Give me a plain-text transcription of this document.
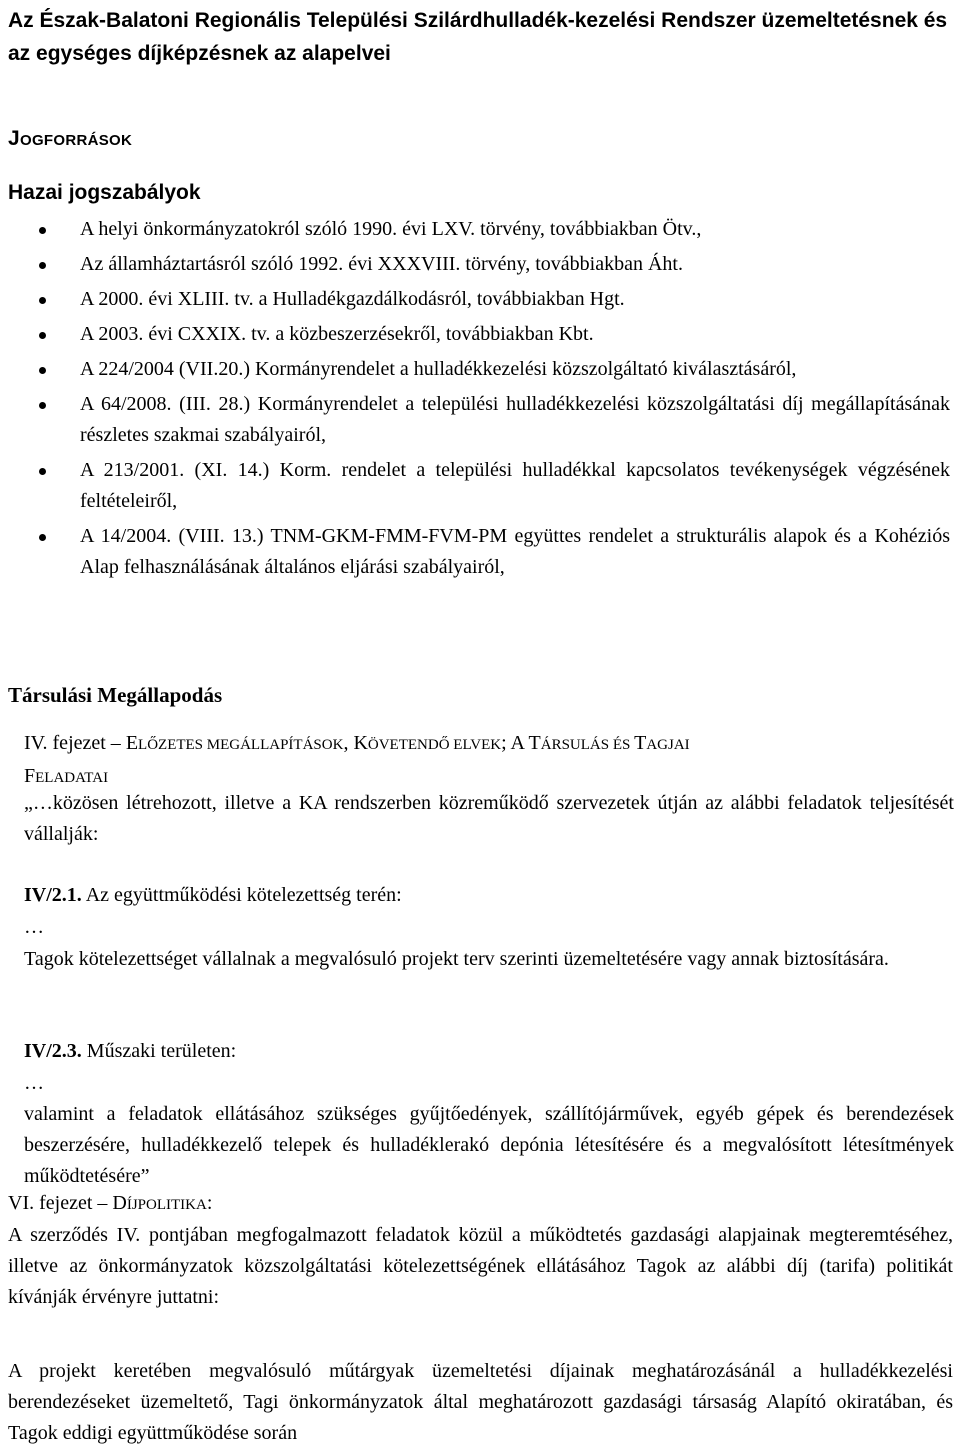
Az Észak-Balatoni Regionális Települési Szilárdhulladék-kezelési Rendszer üzemeltetésnek és az egységes díjképzésnek az alapelvei
JOGFORRÁSOK
Hazai jogszabályok
A helyi önkormányzatokról szóló 1990. évi LXV. törvény, továbbiakban Ötv.,
Az államháztartásról szóló 1992. évi XXXVIII. törvény, továbbiakban Áht.
A 2000. évi XLIII. tv. a Hulladékgazdálkodásról, továbbiakban Hgt.
A 2003. évi CXXIX. tv. a közbeszerzésekről, továbbiakban Kbt.
A 224/2004 (VII.20.) Kormányrendelet a hulladékkezelési közszolgáltató kiválasztásáról,
A 64/2008. (III. 28.) Kormányrendelet a települési hulladékkezelési közszolgáltatási díj megállapításának részletes szakmai szabályairól,
A 213/2001. (XI. 14.) Korm. rendelet a települési hulladékkal kapcsolatos tevékenységek végzésének feltételeiről,
A 14/2004. (VIII. 13.) TNM-GKM-FMM-FVM-PM együttes rendelet a strukturális alapok és a Kohéziós Alap felhasználásának általános eljárási szabályairól,
Társulási Megállapodás

IV. fejezet – ELŐZETES MEGÁLLAPÍTÁSOK, KÖVETENDŐ ELVEK; A TÁRSULÁS ÉS TAGJAI
FELADATAI

„…közösen létrehozott, illetve a KA rendszerben közreműködő szervezetek útján az alábbi feladatok teljesítését vállalják:

IV/2.1. Az együttműködési kötelezettség terén:

…

Tagok kötelezettséget vállalnak a megvalósuló projekt terv szerinti üzemeltetésére vagy annak biztosítására.

IV/2.3. Műszaki területen:

…

valamint a feladatok ellátásához szükséges gyűjtőedények, szállítójárművek, egyéb gépek és berendezések beszerzésére, hulladékkezelő telepek és hulladéklerakó depónia létesítésére és a megvalósított létesítmények működtetésére”

VI. fejezet – DÍJPOLITIKA:

A szerződés IV. pontjában megfogalmazott feladatok közül a működtetés gazdasági alapjainak megteremtéséhez, illetve az önkormányzatok közszolgáltatási kötelezettségének ellátásához Tagok az alábbi díj (tarifa) politikát kívánják érvényre juttatni:

A projekt keretében megvalósuló műtárgyak üzemeltetési díjainak meghatározásánál a hulladékkezelési berendezéseket üzemeltető, Tagi önkormányzatok által meghatározott gazdasági társaság Alapító okiratában, és Tagok eddigi együttműködése során
